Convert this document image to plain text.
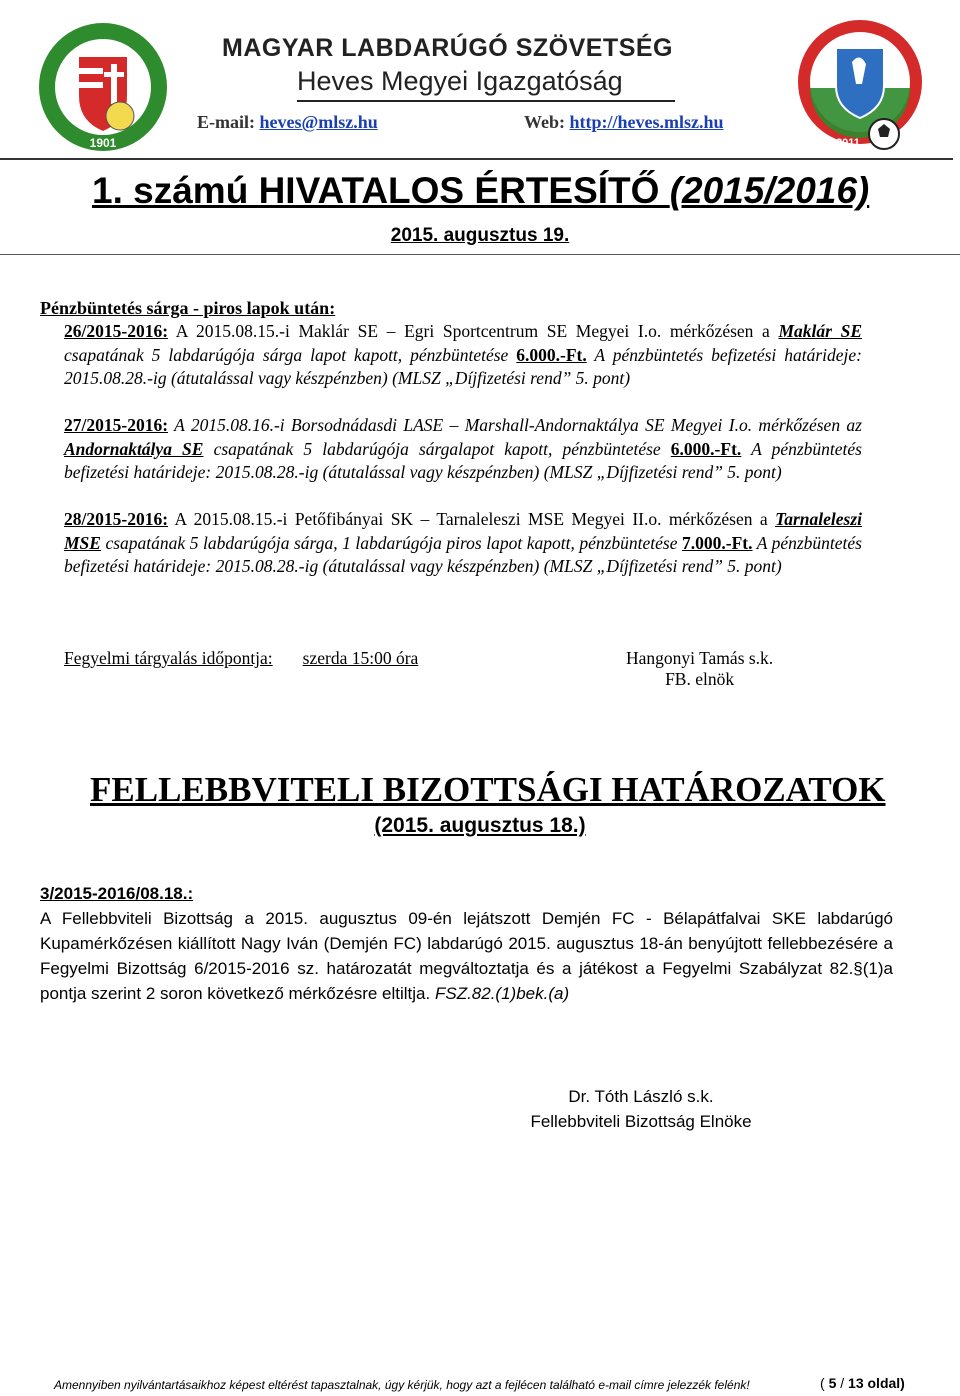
1901
MAGYAR LABDARÚGÓ SZÖVETSÉG
Heves Megyei Igazgatóság
E-mail: heves@mlsz.hu	Web: http://heves.mlsz.hu
2011
1. számú HIVATALOS ÉRTESÍTŐ (2015/2016)
2015. augusztus 19.
Pénzbüntetés sárga - piros lapok után:
26/2015-2016: A 2015.08.15.-i Maklár SE – Egri Sportcentrum SE Megyei I.o. mérkőzésen a Maklár SE csapatának 5 labdarúgója sárga lapot kapott, pénzbüntetése 6.000.-Ft. A pénzbüntetés befizetési határideje: 2015.08.28.-ig (átutalással vagy készpénzben) (MLSZ „Díjfizetési rend” 5. pont)
27/2015-2016: A 2015.08.16.-i Borsodnádasdi LASE – Marshall-Andornaktálya SE Megyei I.o. mérkőzésen az Andornaktálya SE csapatának 5 labdarúgója sárgalapot kapott, pénzbüntetése 6.000.-Ft. A pénzbüntetés befizetési határideje: 2015.08.28.-ig (átutalással vagy készpénzben) (MLSZ „Díjfizetési rend” 5. pont)
28/2015-2016: A 2015.08.15.-i Petőfibányai SK – Tarnaleleszi MSE Megyei II.o. mérkőzésen a Tarnaleleszi MSE csapatának 5 labdarúgója sárga, 1 labdarúgója piros lapot kapott, pénzbüntetése 7.000.-Ft. A pénzbüntetés befizetési határideje: 2015.08.28.-ig (átutalással vagy készpénzben) (MLSZ „Díjfizetési rend” 5. pont)
Fegyelmi tárgyalás időpontja: szerda 15:00 óra	Hangonyi Tamás s.k.
FB. elnök
FELLEBBVITELI BIZOTTSÁGI HATÁROZATOK
(2015. augusztus 18.)
3/2015-2016/08.18.:
A Fellebbviteli Bizottság a 2015. augusztus 09-én lejátszott Demjén FC - Bélapátfalvai SKE labdarúgó Kupamérkőzésen kiállított Nagy Iván (Demjén FC) labdarúgó 2015. augusztus 18-án benyújtott fellebbezésére a Fegyelmi Bizottság 6/2015-2016 sz. határozatát megváltoztatja és a játékost a Fegyelmi Szabályzat 82.§(1)a pontja szerint 2 soron következő mérkőzésre eltiltja. FSZ.82.(1)bek.(a)
Dr. Tóth László s.k.
Fellebbviteli Bizottság Elnöke
Amennyiben nyilvántartásaikhoz képest eltérést tapasztalnak, úgy kérjük, hogy azt a fejlécen található e-mail címre jelezzék felénk!	( 5 / 13 oldal)
